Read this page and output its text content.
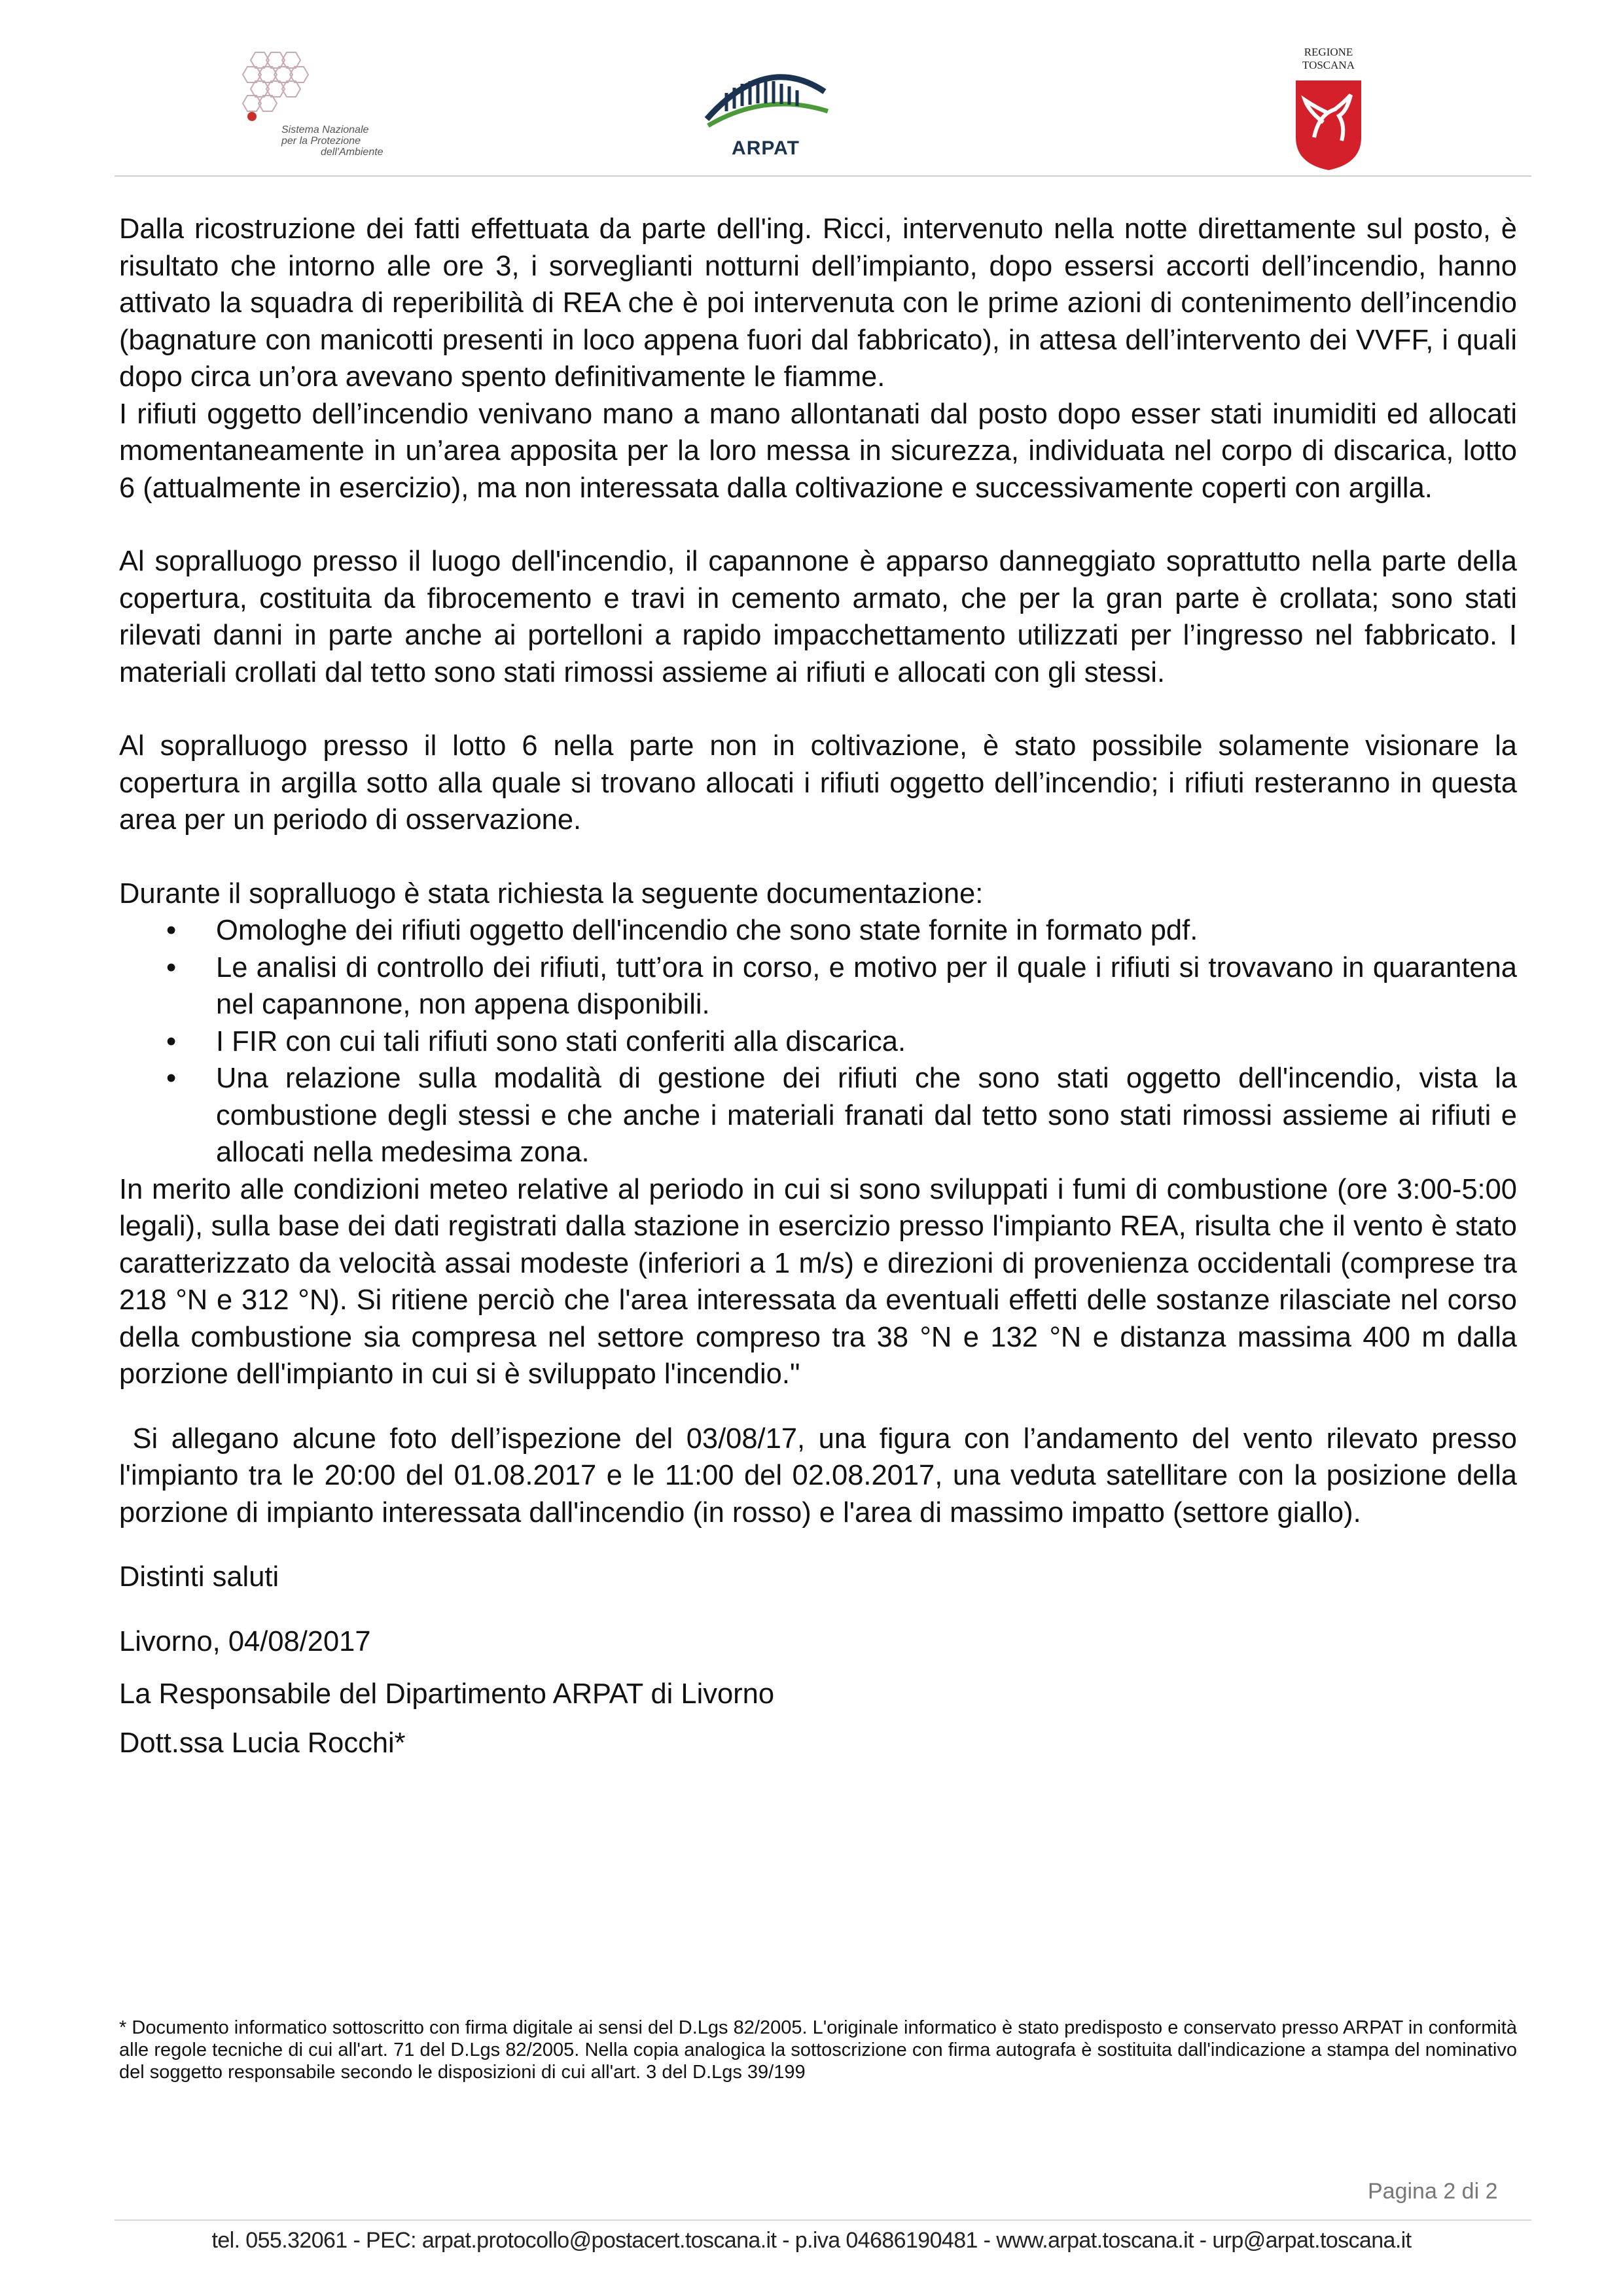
Sistema Nazionale
per la Protezione
dell'Ambiente	ARPAT
REGIONE
TOSCANA

Dalla ricostruzione dei fatti effettuata da parte dell'ing. Ricci, intervenuto nella notte direttamente sul posto, è risultato che intorno alle ore 3, i sorveglianti notturni dell’impianto, dopo essersi accorti dell’incendio, hanno attivato la squadra di reperibilità di REA che è poi intervenuta con le prime azioni di contenimento dell’incendio (bagnature con manicotti presenti in loco appena fuori dal fabbricato), in attesa dell’intervento dei VVFF, i quali dopo circa un’ora avevano spento definitivamente le fiamme.

I rifiuti oggetto dell’incendio venivano mano a mano allontanati dal posto dopo esser stati inumiditi ed allocati momentaneamente in un’area apposita per la loro messa in sicurezza, individuata nel corpo di discarica, lotto 6 (attualmente in esercizio), ma non interessata dalla coltivazione e successivamente coperti con argilla.

Al sopralluogo presso il luogo dell'incendio, il capannone è apparso danneggiato soprattutto nella parte della copertura, costituita da fibrocemento e travi in cemento armato, che per la gran parte è crollata; sono stati rilevati danni in parte anche ai portelloni a rapido impacchettamento utilizzati per l’ingresso nel fabbricato. I materiali crollati dal tetto sono stati rimossi assieme ai rifiuti e allocati con gli stessi.

Al sopralluogo presso il lotto 6 nella parte non in coltivazione, è stato possibile solamente visionare la copertura in argilla sotto alla quale si trovano allocati i rifiuti oggetto dell’incendio; i rifiuti resteranno in questa area per un periodo di osservazione.

Durante il sopralluogo è stata richiesta la seguente documentazione:

• Omologhe dei rifiuti oggetto dell'incendio che sono state fornite in formato pdf.
• Le analisi di controllo dei rifiuti, tutt’ora in corso, e motivo per il quale i rifiuti si trovavano in quarantena nel capannone, non appena disponibili.
• I FIR con cui tali rifiuti sono stati conferiti alla discarica.
• Una relazione sulla modalità di gestione dei rifiuti che sono stati oggetto dell'incendio, vista la combustione degli stessi e che anche i materiali franati dal tetto sono stati rimossi assieme ai rifiuti e allocati nella medesima zona.

In merito alle condizioni meteo relative al periodo in cui si sono sviluppati i fumi di combustione (ore 3:00-5:00 legali), sulla base dei dati registrati dalla stazione in esercizio presso l'impianto REA, risulta che il vento è stato caratterizzato da velocità assai modeste (inferiori a 1 m/s) e direzioni di provenienza occidentali (comprese tra 218 °N e 312 °N). Si ritiene perciò che l'area interessata da eventuali effetti delle sostanze rilasciate nel corso della combustione sia compresa nel settore compreso tra 38 °N e 132 °N e distanza massima 400 m dalla porzione dell'impianto in cui si è sviluppato l'incendio."

Si allegano alcune foto dell’ispezione del 03/08/17, una figura con l’andamento del vento rilevato presso l'impianto tra le 20:00 del 01.08.2017 e le 11:00 del 02.08.2017, una veduta satellitare con la posizione della porzione di impianto interessata dall'incendio (in rosso) e l'area di massimo impatto (settore giallo).

Distinti saluti

Livorno, 04/08/2017

La Responsabile del Dipartimento ARPAT di Livorno

Dott.ssa Lucia Rocchi*

* Documento informatico sottoscritto con firma digitale ai sensi del D.Lgs 82/2005. L'originale informatico è stato predisposto e conservato presso ARPAT in conformità alle regole tecniche di cui all'art. 71 del D.Lgs 82/2005. Nella copia analogica la sottoscrizione con firma autografa è sostituita dall'indicazione a stampa del nominativo del soggetto responsabile secondo le disposizioni di cui all'art. 3 del D.Lgs 39/199
Pagina 2 di 2
tel. 055.32061 - PEC: arpat.protocollo@postacert.toscana.it - p.iva 04686190481 - www.arpat.toscana.it - urp@arpat.toscana.it
